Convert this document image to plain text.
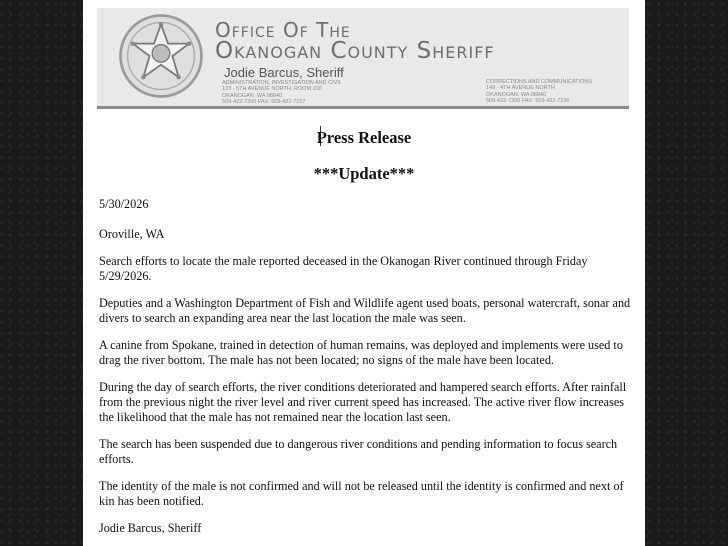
Office Of The
Okanogan County Sheriff
Jodie Barcus, Sheriff
ADMINISTRATION, INVESTIGATION AND CIVIL
123 - 5TH AVENUE NORTH, ROOM 200
OKANOGAN, WA 98840
509-422-7200 FAX: 509-422-7217
CORRECTIONS AND COMMUNICATIONS
149 - 4TH AVENUE NORTH
OKANOGAN, WA 98840
509-422-7200 FAX: 509-422-7236
Press Release
***Update***
5/30/2026
Oroville, WA
Search efforts to locate the male reported deceased in the Okanogan River continued through Friday 5/29/2026.
Deputies and a Washington Department of Fish and Wildlife agent used boats, personal watercraft, sonar and divers to search an expanding area near the last location the male was seen.
A canine from Spokane, trained in detection of human remains, was deployed and implements were used to drag the river bottom. The male has not been located; no signs of the male have been located.
During the day of search efforts, the river conditions deteriorated and hampered search efforts. After rainfall from the previous night the river level and river current speed has increased. The active river flow increases the likelihood that the male has not remained near the location last seen.
The search has been suspended due to dangerous river conditions and pending information to focus search efforts.
The identity of the male is not confirmed and will not be released until the identity is confirmed and next of kin has been notified.
Jodie Barcus, Sheriff
